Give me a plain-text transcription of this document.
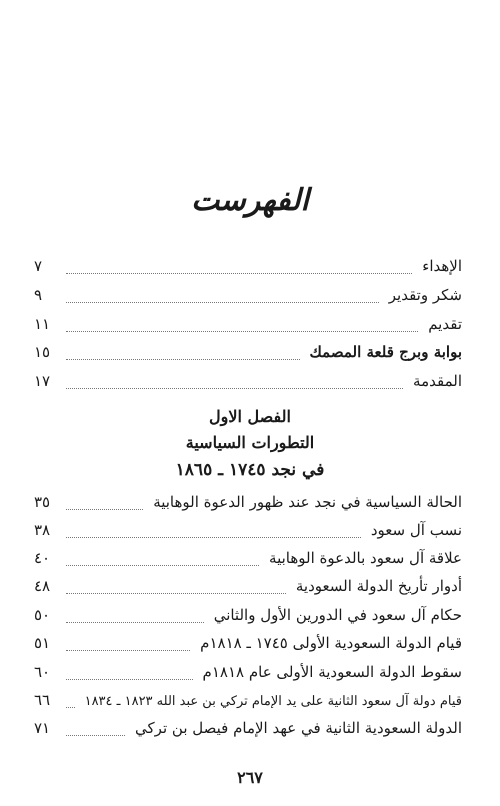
الفهرست
الإهداء
٧
شكر وتقدير
٩
تقديم
١١
بوابة وبرج قلعة المصمك
١٥
المقدمة
١٧
الفصل الاول
التطورات السياسية
في نجد ١٧٤٥ ـ ١٨٦٥
الحالة السياسية في نجد عند ظهور الدعوة الوهابية
٣٥
نسب آل سعود
٣٨
علاقة آل سعود بالدعوة الوهابية
٤٠
أدوار تأريخ الدولة السعودية
٤٨
حكام آل سعود في الدورين الأول والثاني
٥٠
قيام الدولة السعودية الأولى ١٧٤٥ ـ ١٨١٨م
٥١
سقوط الدولة السعودية الأولى عام ١٨١٨م
٦٠
قيام دولة آل سعود الثانية على يد الإمام تركي بن عبد الله ١٨٢٣ ـ ١٨٣٤
٦٦
الدولة السعودية الثانية في عهد الإمام فيصل بن تركي
٧١
٢٦٧
